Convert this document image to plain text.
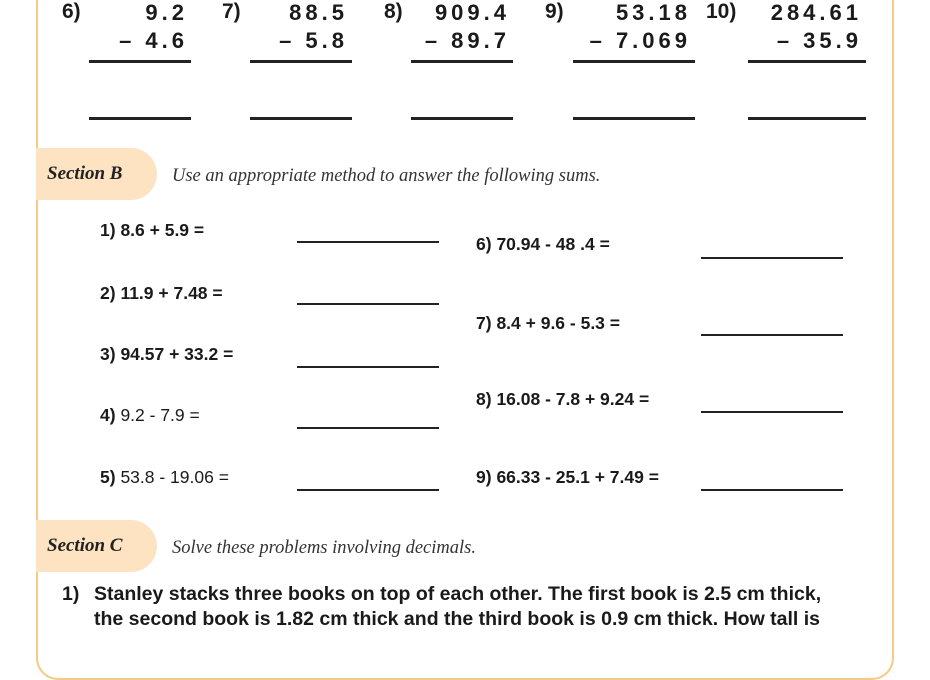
6)	9.2
– 4.6
7) 88.5
– 5.8
8) 909.4
– 89.7
9) 53.18
– 7.069
10) 284.61
– 35.9
Section B	Use an appropriate method to answer the following sums.
1) 8.6 + 5.9 =
2) 11.9 + 7.48 =
3) 94.57 + 33.2 =
4) 9.2 - 7.9 =
5) 53.8 - 19.06 =
6) 70.94 - 48 .4 =
7) 8.4 + 9.6 - 5.3 =
8) 16.08 - 7.8 + 9.24 =
9) 66.33 - 25.1 + 7.49 =
Section C	Solve these problems involving decimals.
1) Stanley stacks three books on top of each other. The first book is 2.5 cm thick,
the second book is 1.82 cm thick and the third book is 0.9 cm thick. How tall is
